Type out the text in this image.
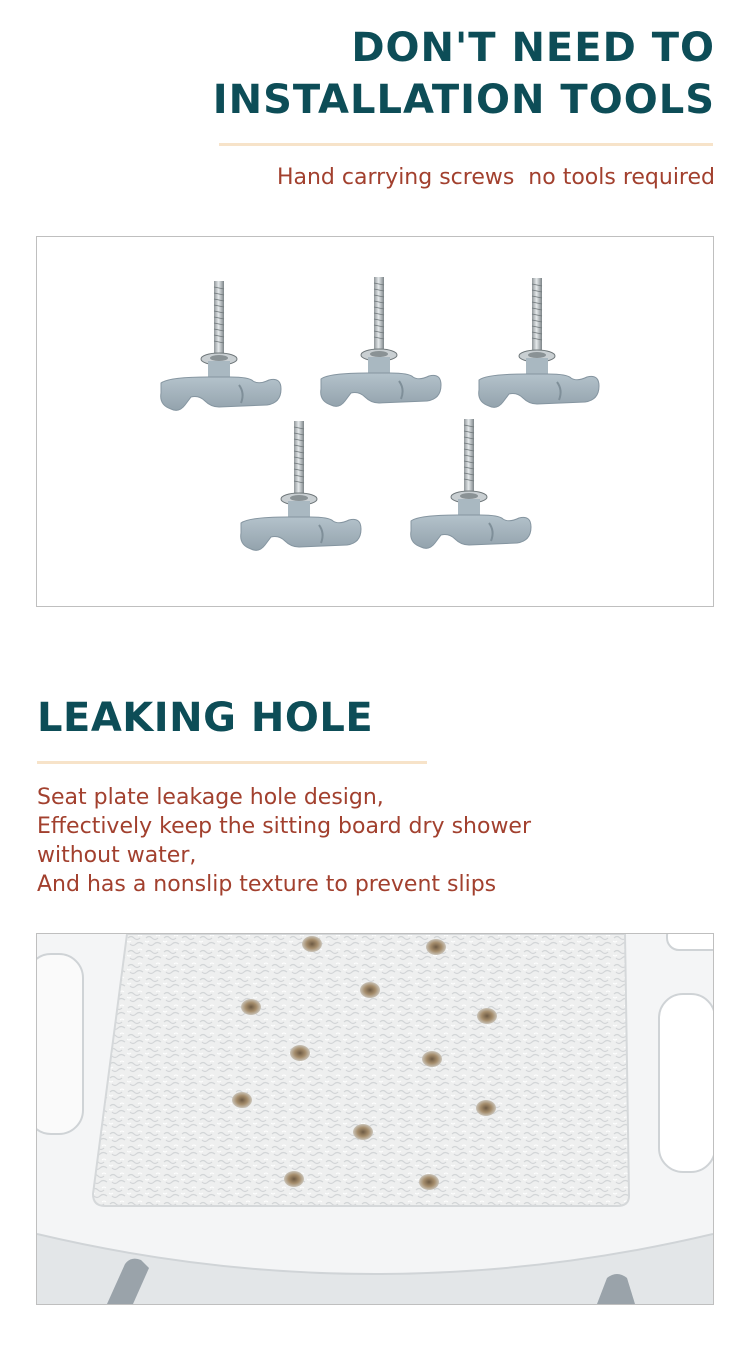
DON'T NEED TO
INSTALLATION TOOLS
Hand carrying screws  no tools required
LEAKING HOLE
Seat plate leakage hole design,
Effectively keep the sitting board dry shower
without water,
And has a nonslip texture to prevent slips
